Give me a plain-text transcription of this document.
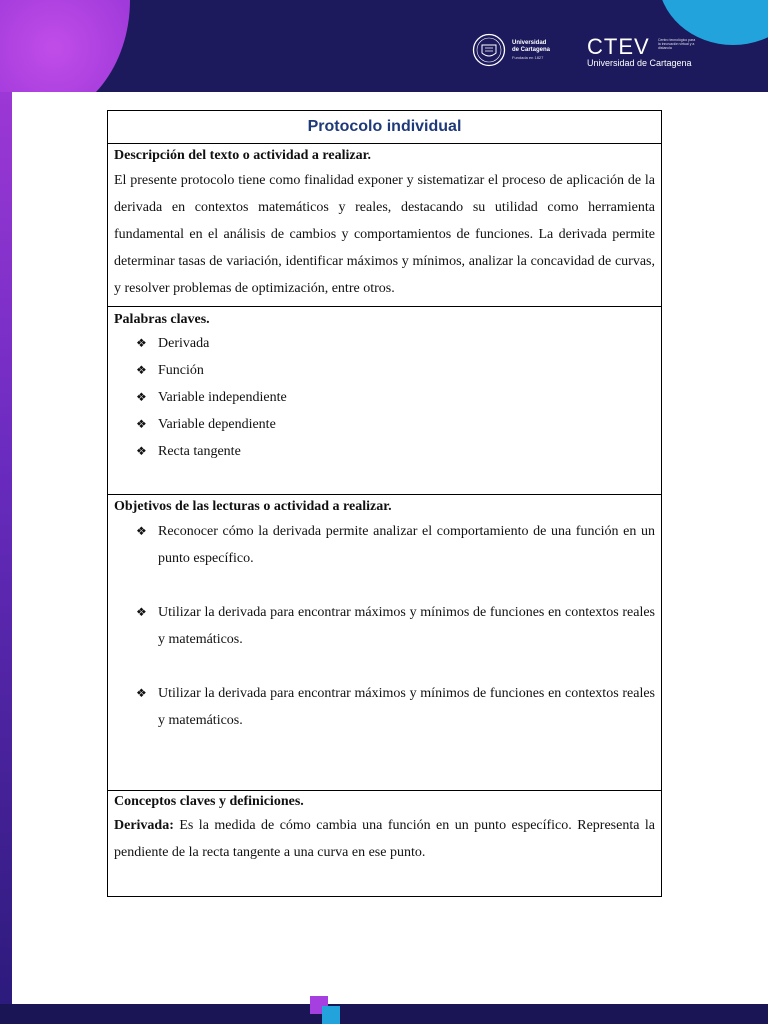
Universidad
de Cartagena
Fundada en 1827	CTEV
Universidad de Cartagena
Centro tecnológico para la innovación virtual y a distancia
Protocolo individual
Descripción del texto o actividad a realizar.

El presente protocolo tiene como finalidad exponer y sistematizar el proceso de aplicación de la derivada en contextos matemáticos y reales, destacando su utilidad como herramienta fundamental en el análisis de cambios y comportamientos de funciones. La derivada permite determinar tasas de variación, identificar máximos y mínimos, analizar la concavidad de curvas, y resolver problemas de optimización, entre otros.

Palabras claves.
❖ Derivada
❖ Función
❖ Variable independiente
❖ Variable dependiente
❖ Recta tangente
Objetivos de las lecturas o actividad a realizar.
❖ Reconocer cómo la derivada permite analizar el comportamiento de una función en un punto específico.
❖ Utilizar la derivada para encontrar máximos y mínimos de funciones en contextos reales y matemáticos.
❖ Utilizar la derivada para encontrar máximos y mínimos de funciones en contextos reales y matemáticos.
Conceptos claves y definiciones.

Derivada: Es la medida de cómo cambia una función en un punto específico. Representa la pendiente de la recta tangente a una curva en ese punto.
